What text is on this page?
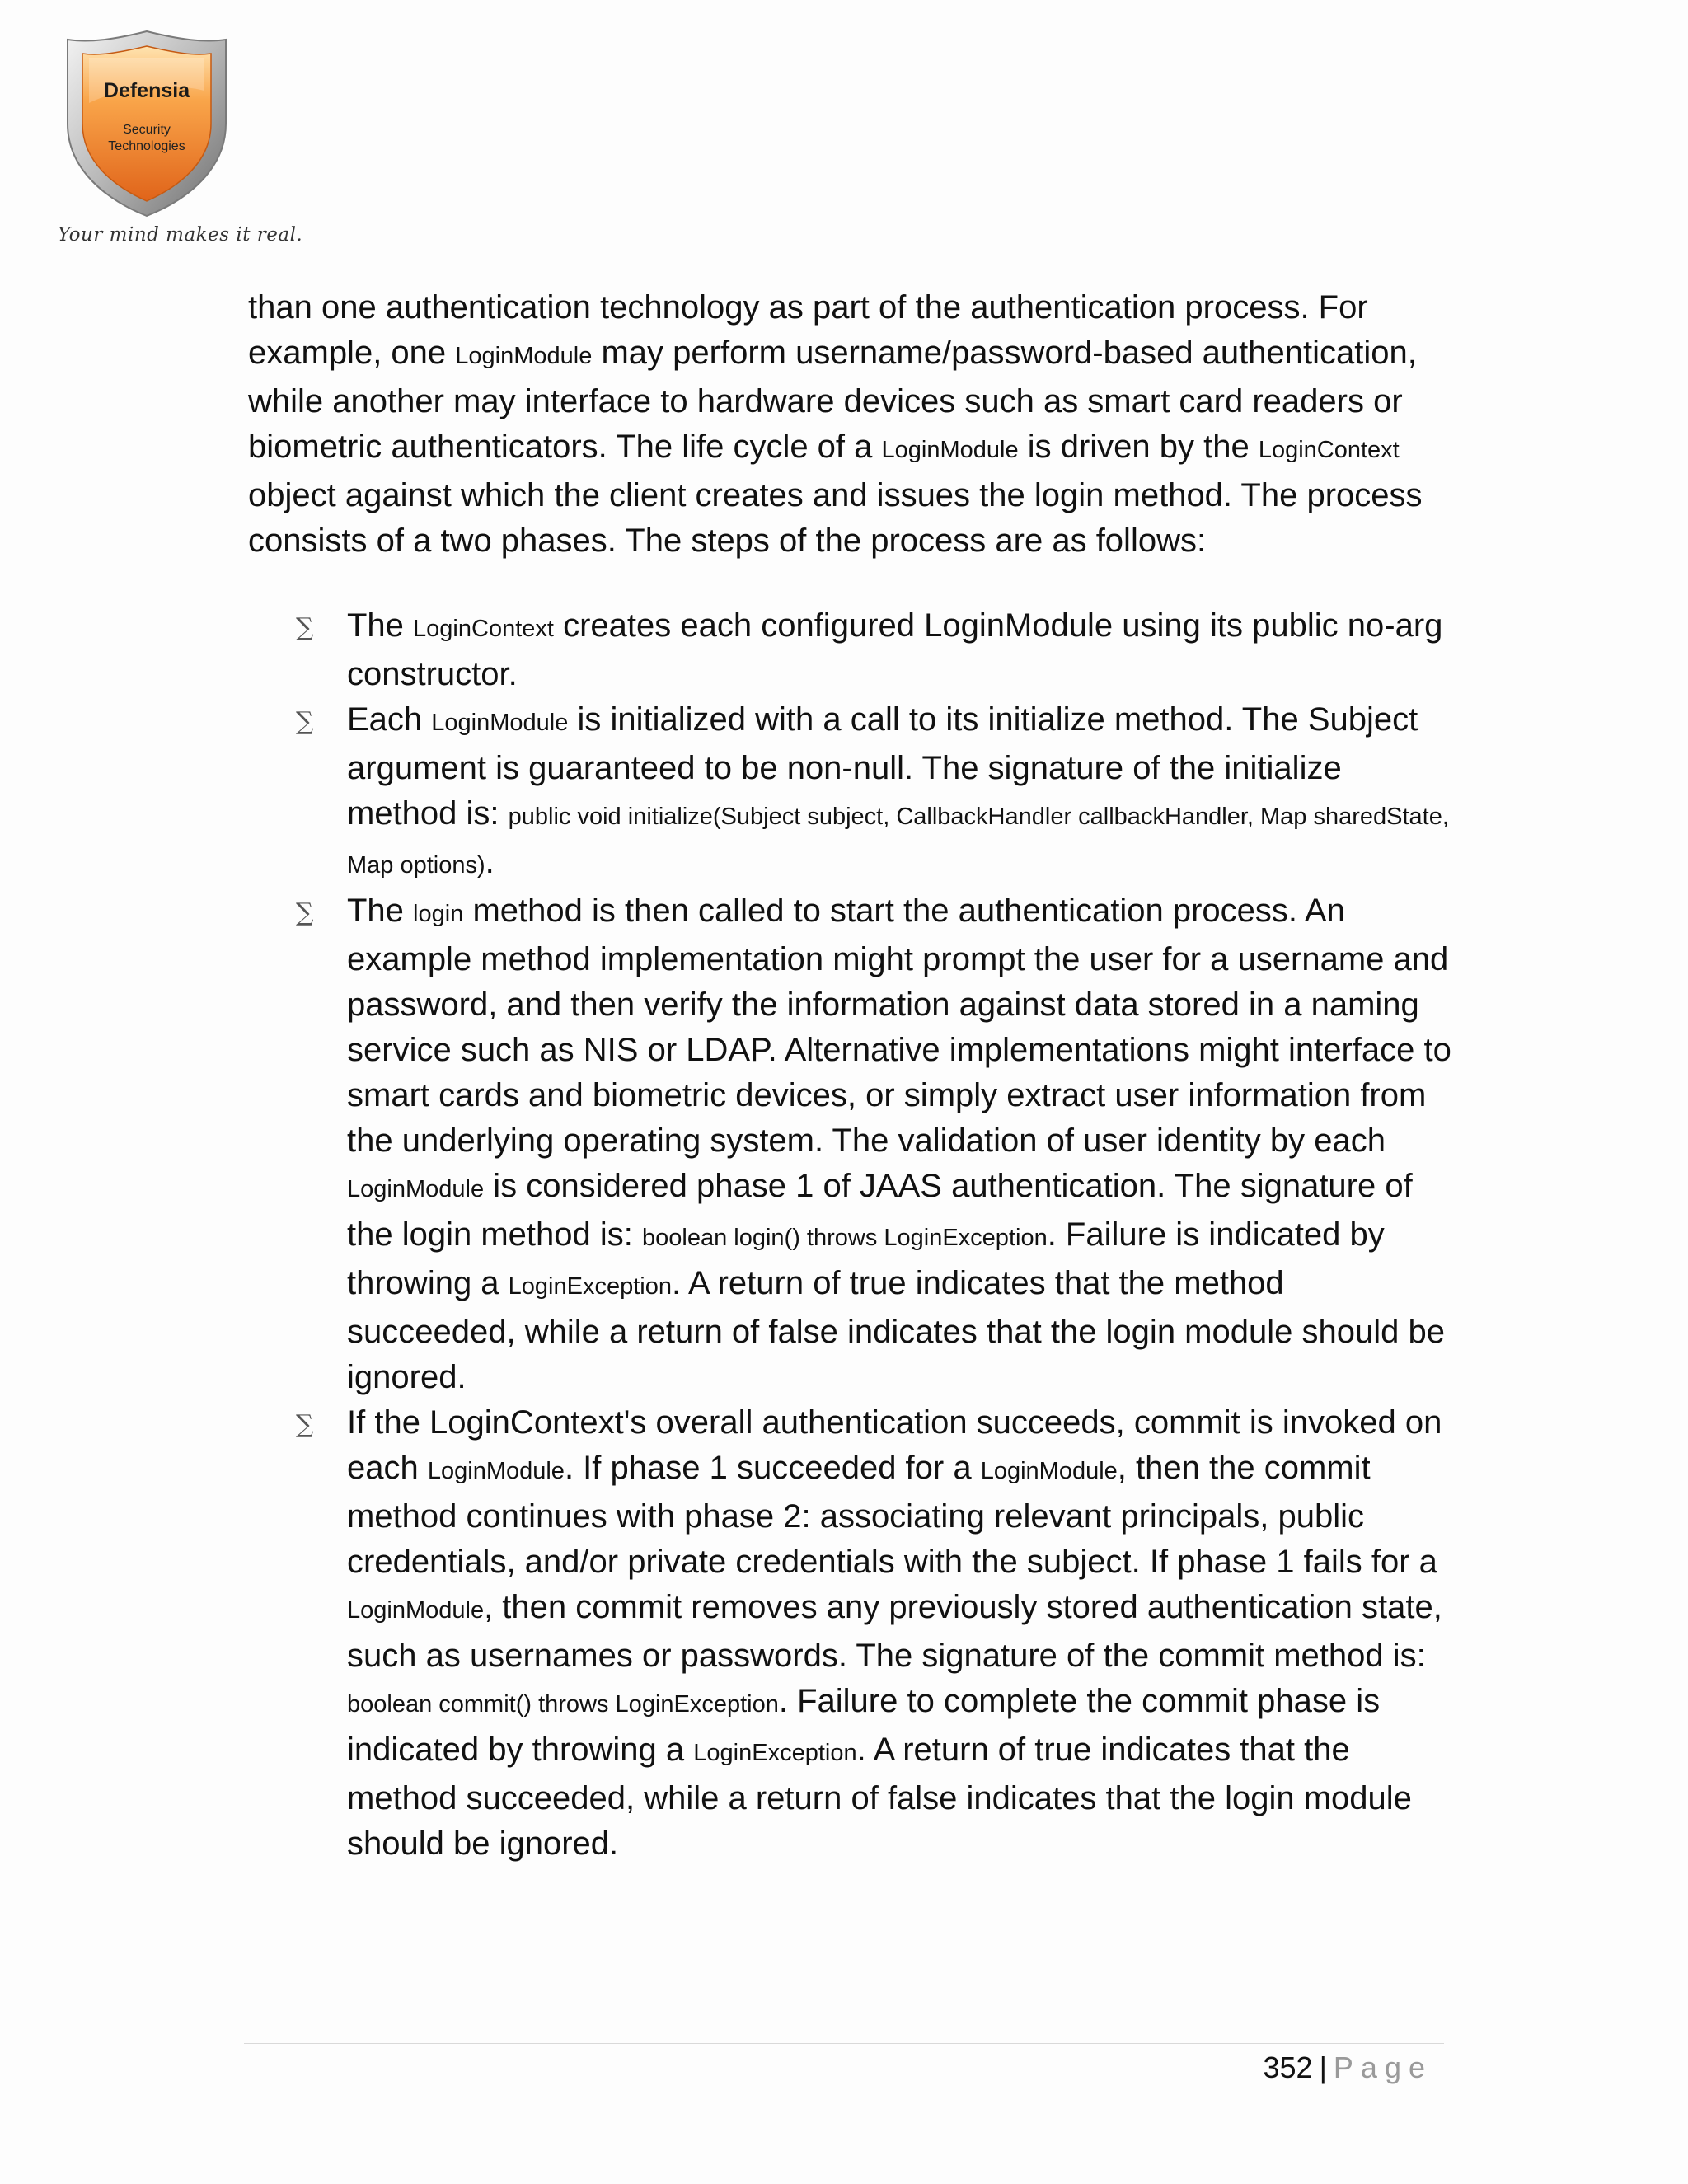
Defensia
Security
Technologies
Your mind makes it real.

than one authentication technology as part of the authentication process. For example, one LoginModule may perform username/password-based authentication, while another may interface to hardware devices such as smart card readers or biometric authenticators. The life cycle of a LoginModule is driven by the LoginContext object against which the client creates and issues the login method. The process consists of a two phases. The steps of the process are as follows:

∑ The LoginContext creates each configured LoginModule using its public no-arg constructor.
∑ Each LoginModule is initialized with a call to its initialize method. The Subject argument is guaranteed to be non-null. The signature of the initialize method is: public void initialize(Subject subject, CallbackHandler callbackHandler, Map sharedState, Map options).
∑ The login method is then called to start the authentication process. An example method implementation might prompt the user for a username and password, and then verify the information against data stored in a naming service such as NIS or LDAP. Alternative implementations might interface to smart cards and biometric devices, or simply extract user information from the underlying operating system. The validation of user identity by each LoginModule is considered phase 1 of JAAS authentication. The signature of the login method is: boolean login() throws LoginException. Failure is indicated by throwing a LoginException. A return of true indicates that the method succeeded, while a return of false indicates that the login module should be ignored.
∑ If the LoginContext's overall authentication succeeds, commit is invoked on each LoginModule. If phase 1 succeeded for a LoginModule, then the commit method continues with phase 2: associating relevant principals, public credentials, and/or private credentials with the subject. If phase 1 fails for a LoginModule, then commit removes any previously stored authentication state, such as usernames or passwords. The signature of the commit method is: boolean commit() throws LoginException. Failure to complete the commit phase is indicated by throwing a LoginException. A return of true indicates that the method succeeded, while a return of false indicates that the login module should be ignored.
352 | Page
